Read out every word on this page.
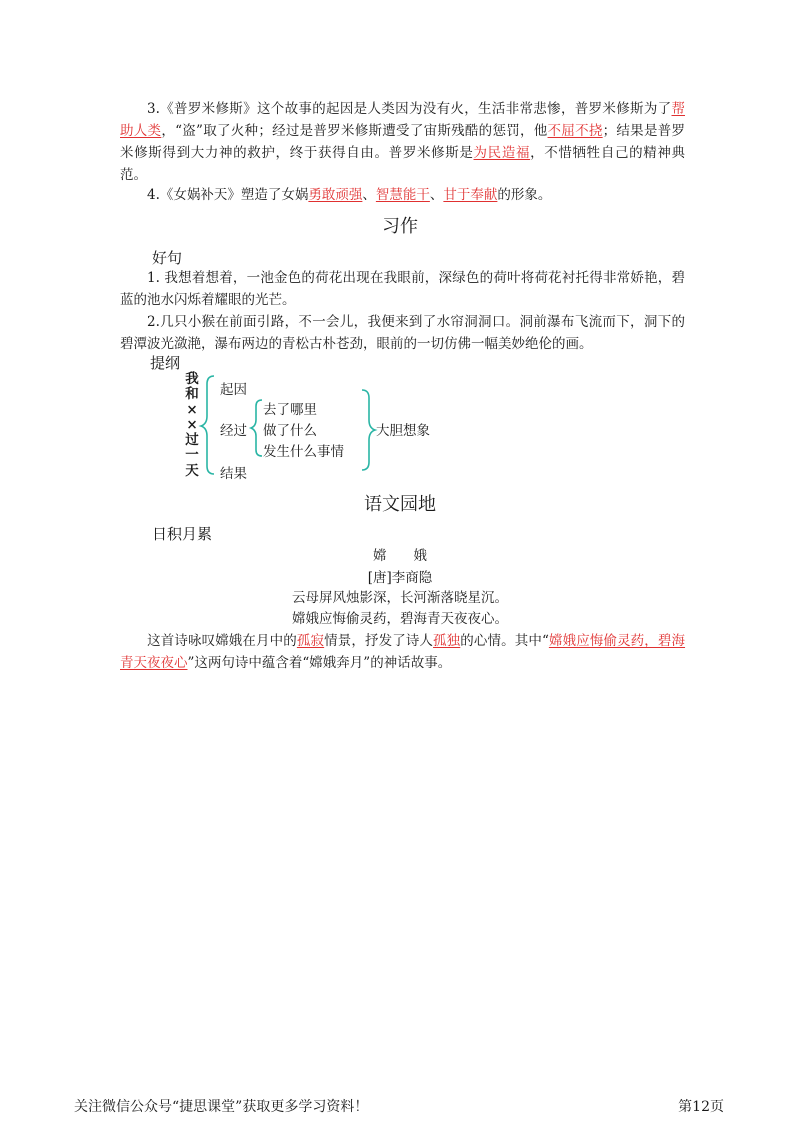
3.《普罗米修斯》这个故事的起因是人类因为没有火，生活非常悲惨，普罗米修斯为了帮助人类，“盗”取了火种；经过是普罗米修斯遭受了宙斯残酷的惩罚，他不屈不挠；结果是普罗米修斯得到大力神的救护，终于获得自由。普罗米修斯是为民造福，不惜牺牲自己的精神典范。
4.《女娲补天》塑造了女娲勇敢顽强、智慧能干、甘于奉献的形象。
习作
好句
1. 我想着想着，一池金色的荷花出现在我眼前，深绿色的荷叶将荷花衬托得非常娇艳，碧蓝的池水闪烁着耀眼的光芒。
2.几只小猴在前面引路，不一会儿，我便来到了水帘洞洞口。洞前瀑布飞流而下，洞下的碧潭波光潋滟，瀑布两边的青松古朴苍劲，眼前的一切仿佛一幅美妙绝伦的画。
提纲
我
和
×
×
过
一
天
起因
经过
去了哪里
做了什么
发生什么事情
结果
大胆想象
语文园地
日积月累
嫦　　娥
[唐]李商隐
云母屏风烛影深，长河渐落晓星沉。
嫦娥应悔偷灵药，碧海青天夜夜心。
这首诗咏叹嫦娥在月中的孤寂情景，抒发了诗人孤独的心情。其中“嫦娥应悔偷灵药，碧海青天夜夜心”这两句诗中蕴含着“嫦娥奔月”的神话故事。
关注微信公众号“捷思课堂”获取更多学习资料！	第12页
